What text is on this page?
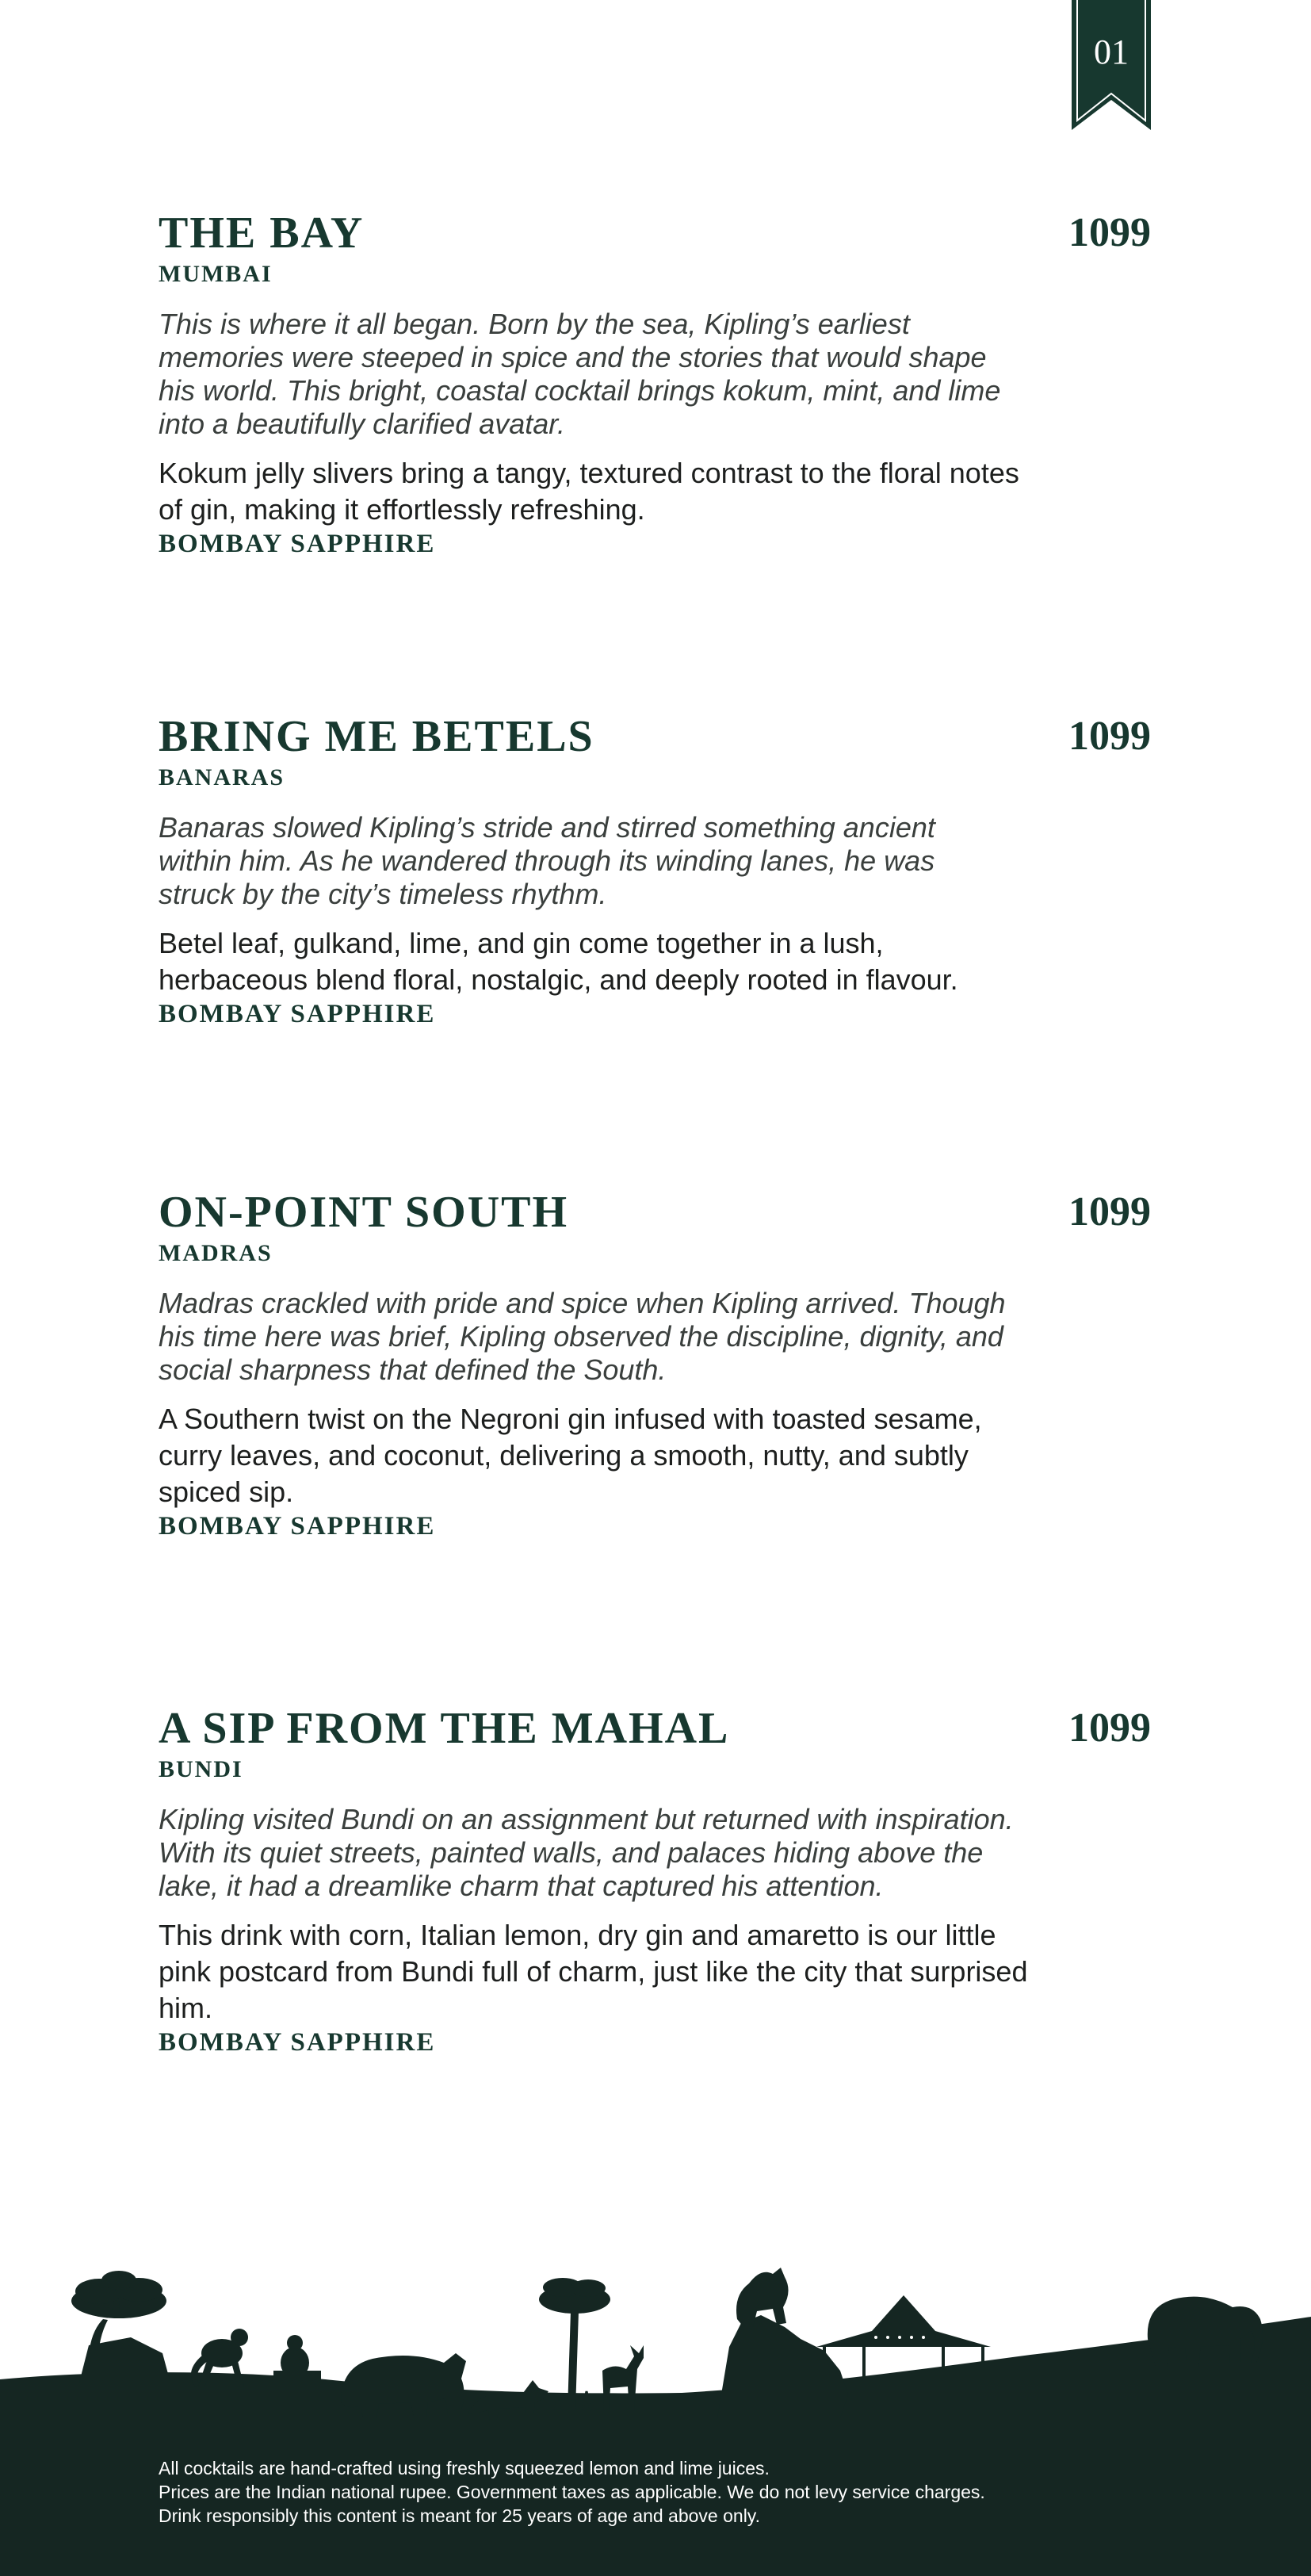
01
THE BAY	1099
MUMBAI
This is where it all began. Born by the sea, Kipling’s earliest memories were steeped in spice and the stories that would shape his world. This bright, coastal cocktail brings kokum, mint, and lime into a beautifully clarified avatar.
Kokum jelly slivers bring a tangy, textured contrast to the floral notes of gin, making it effortlessly refreshing.
BOMBAY SAPPHIRE
BRING ME BETELS	1099
BANARAS
Banaras slowed Kipling’s stride and stirred something ancient within him. As he wandered through its winding lanes, he was struck by the city’s timeless rhythm.
Betel leaf, gulkand, lime, and gin come together in a lush, herbaceous blend floral, nostalgic, and deeply rooted in flavour.
BOMBAY SAPPHIRE
ON-POINT SOUTH	1099
MADRAS
Madras crackled with pride and spice when Kipling arrived. Though his time here was brief, Kipling observed the discipline, dignity, and social sharpness that defined the South.
A Southern twist on the Negroni gin infused with toasted sesame, curry leaves, and coconut, delivering a smooth, nutty, and subtly spiced sip.
BOMBAY SAPPHIRE
A SIP FROM THE MAHAL	1099
BUNDI
Kipling visited Bundi on an assignment but returned with inspiration. With its quiet streets, painted walls, and palaces hiding above the lake, it had a dreamlike charm that captured his attention.
This drink with corn, Italian lemon, dry gin and amaretto is our little pink postcard from Bundi full of charm, just like the city that surprised him.
BOMBAY SAPPHIRE
All cocktails are hand-crafted using freshly squeezed lemon and lime juices.
Prices are the Indian national rupee. Government taxes as applicable. We do not levy service charges.
Drink responsibly this content is meant for 25 years of age and above only.
